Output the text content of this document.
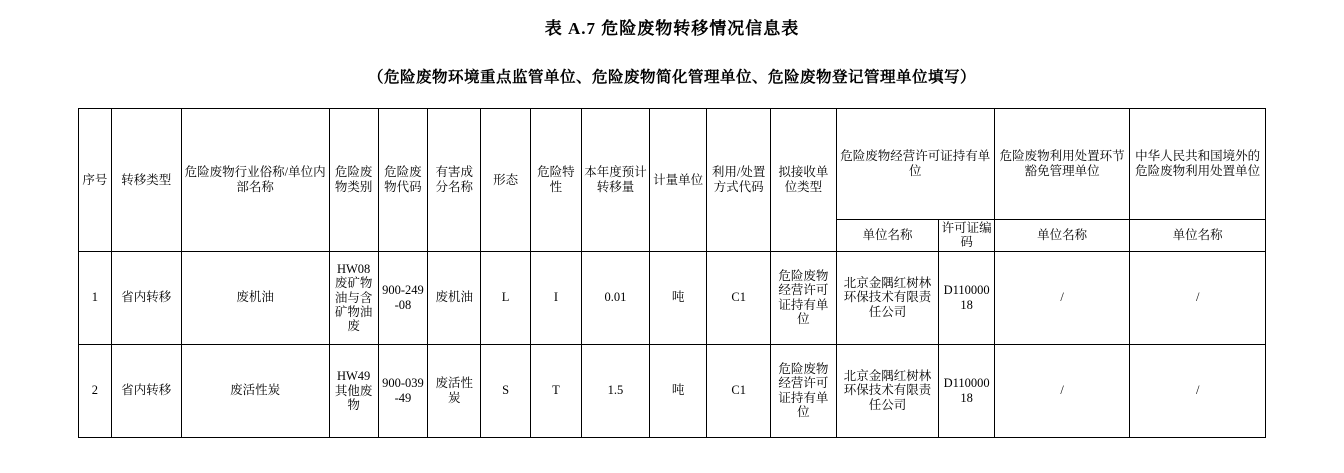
表 A.7 危险废物转移情况信息表
（危险废物环境重点监管单位、危险废物简化管理单位、危险废物登记管理单位填写）
序号	转移类型	危险废物行业俗称/单位内部名称	危险废物类别	危险废物代码	有害成分名称	形态	危险特性	本年度预计转移量	计量单位	利用/处置方式代码	拟接收单位类型	危险废物经营许可证持有单位		危险废物利用处置环节豁免管理单位	中华人民共和国境外的危险废物利用处置单位
												单位名称	许可证编码	单位名称	单位名称
1	省内转移	废机油	HW08废矿物油与含矿物油废	900-249-08	废机油	L	I	0.01	吨	C1	危险废物经营许可证持有单位	北京金隅红树林环保技术有限责任公司	D11000018	/	/
2	省内转移	废活性炭	HW49其他废物	900-039-49	废活性炭	S	T	1.5	吨	C1	危险废物经营许可证持有单位	北京金隅红树林环保技术有限责任公司	D11000018	/	/
